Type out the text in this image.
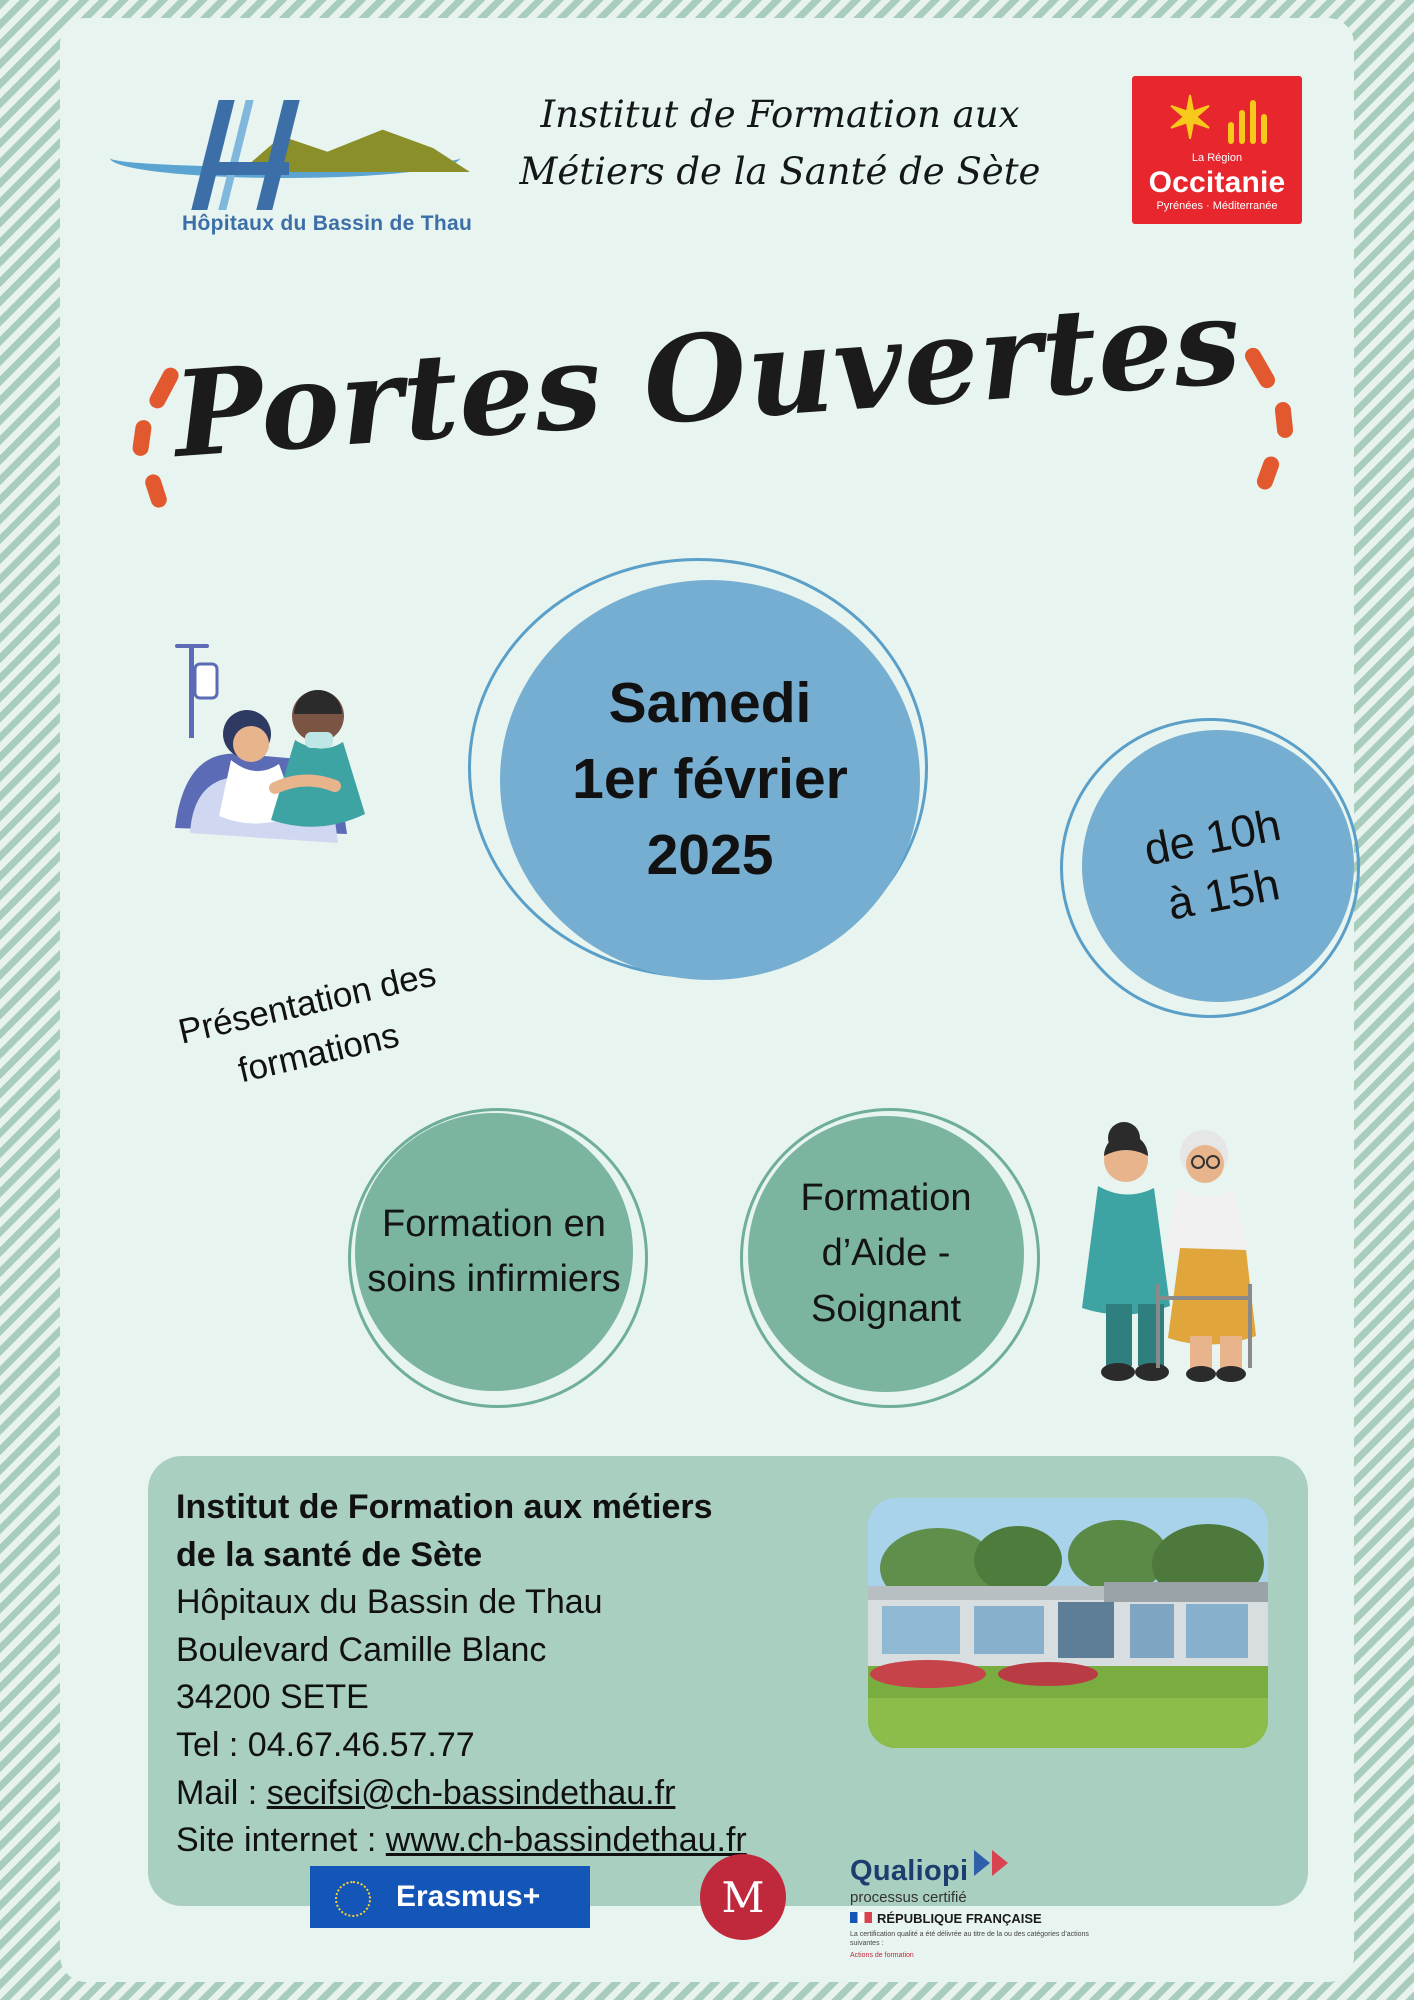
Hôpitaux du Bassin de Thau
Institut de Formation aux
Métiers de la Santé de Sète
✶
La Région
Occitanie
Pyrénées · Méditerranée
Portes Ouvertes
Samedi
1er février
2025	de 10h
à 15h
Présentation des formations
Formation en soins infirmiers
Formation d’Aide - Soignant
Institut de Formation aux métiers
de la santé de Sète
Hôpitaux du Bassin de Thau
Boulevard Camille Blanc
34200 SETE
Tel : 04.67.46.57.77
Mail : secifsi@ch-bassindethau.fr
Site internet : www.ch-bassindethau.fr
Erasmus+	M
Qualiopi
processus certifié
RÉPUBLIQUE FRANÇAISE
La certification qualité a été délivrée au titre de la ou des catégories d’actions suivantes :
Actions de formation
